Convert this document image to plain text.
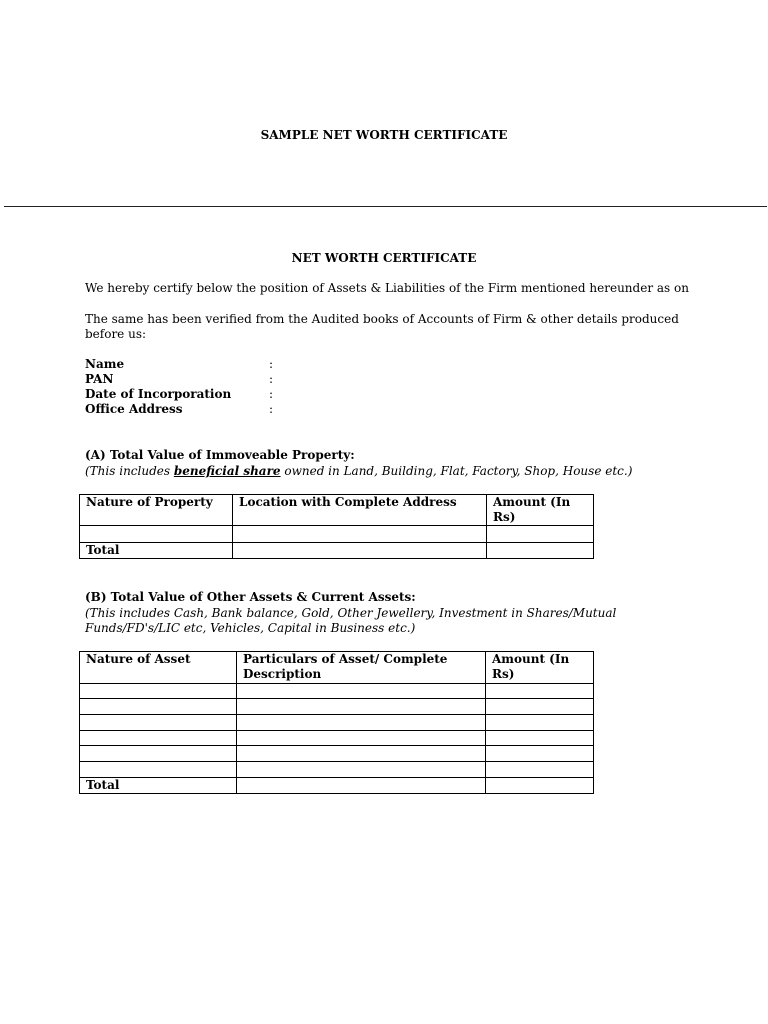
SAMPLE NET WORTH CERTIFICATE
NET WORTH CERTIFICATE
We hereby certify below the position of Assets & Liabilities of the Firm mentioned hereunder as on
The same has been verified from the Audited books of Accounts of Firm & other details produced before us:
Name	:
PAN	:
Date of Incorporation	:
Office Address	:
(A) Total Value of Immoveable Property:
(This includes beneficial share owned in Land, Building, Flat, Factory, Shop, House etc.)
Nature of Property	Location with Complete Address	Amount (In Rs)

Total		
(B) Total Value of Other Assets & Current Assets:
(This includes Cash, Bank balance, Gold, Other Jewellery, Investment in Shares/Mutual Funds/FD's/LIC etc, Vehicles, Capital in Business etc.)
Nature of Asset	Particulars of Asset/ Complete Description	Amount (In Rs)

Total		
